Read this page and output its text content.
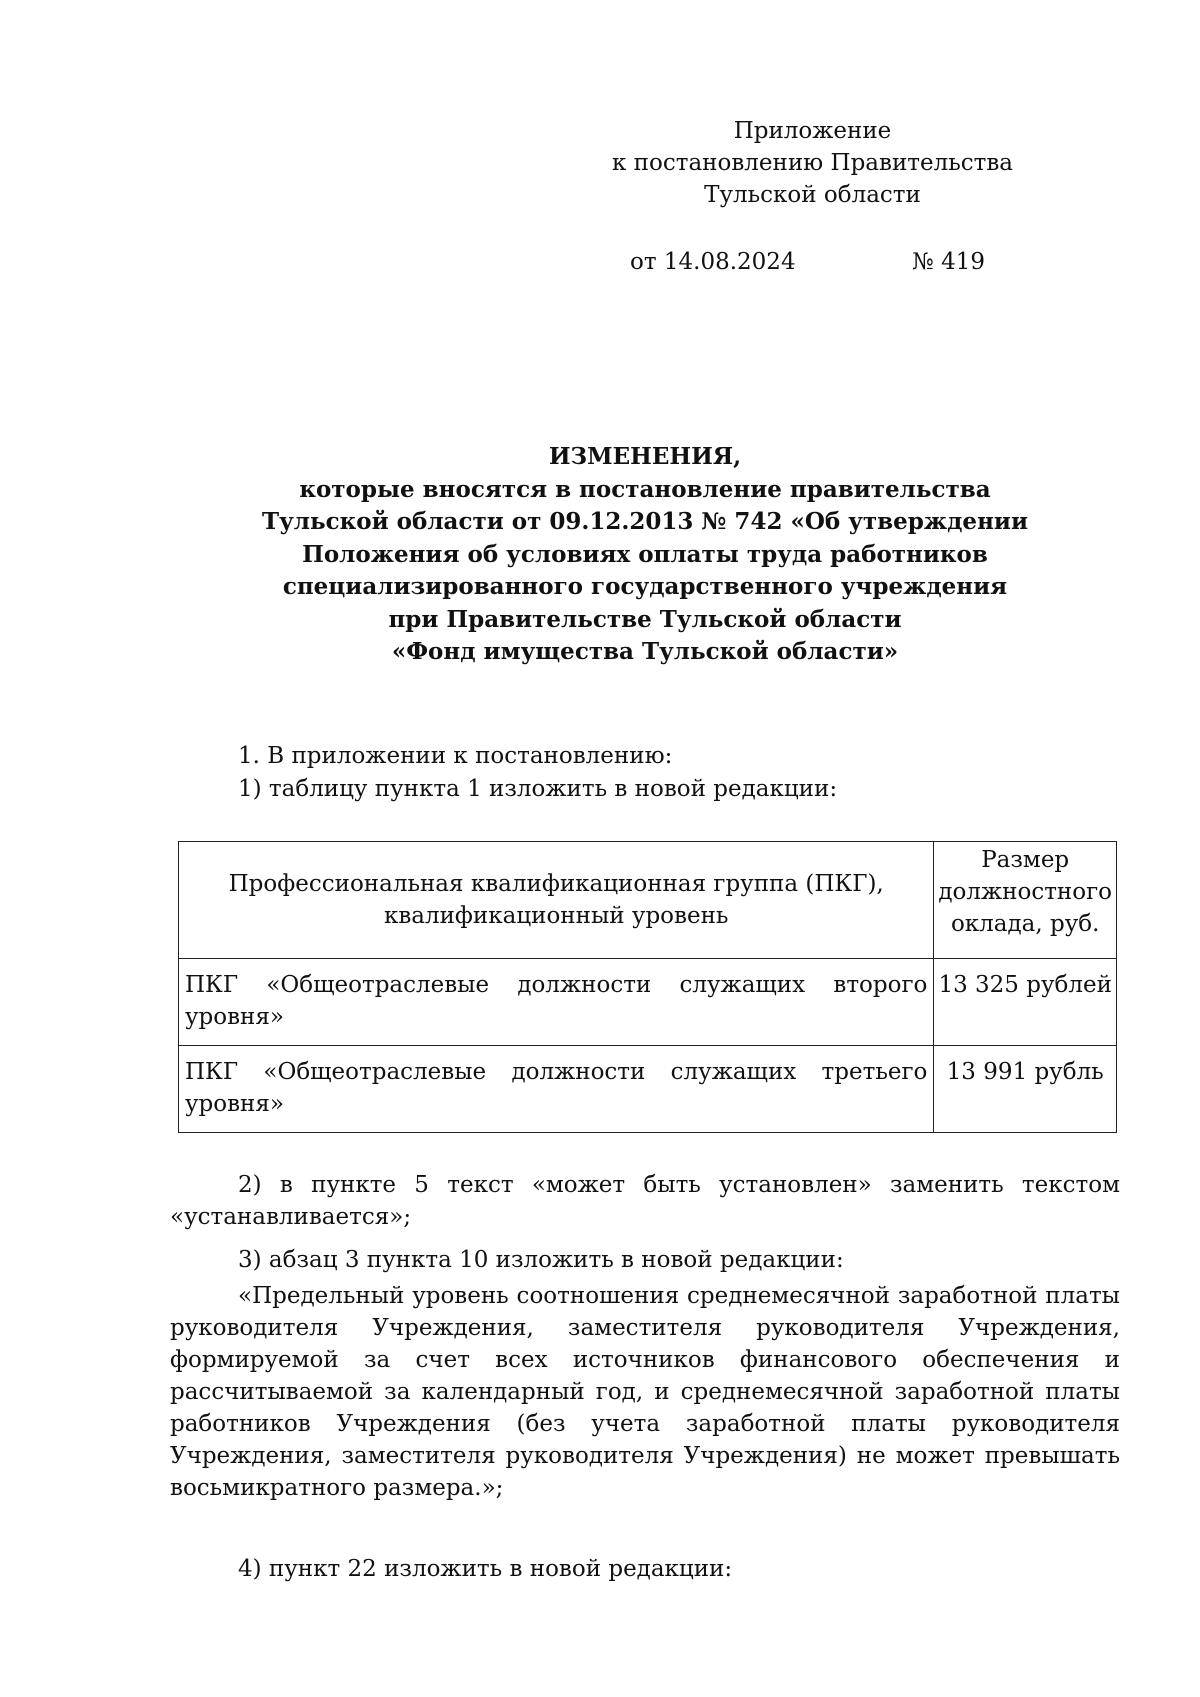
Приложение
к постановлению Правительства
Тульской области
от 14.08.2024	№ 419
ИЗМЕНЕНИЯ,
которые вносятся в постановление правительства
Тульской области от 09.12.2013 № 742 «Об утверждении
Положения об условиях оплаты труда работников
специализированного государственного учреждения
при Правительстве Тульской области
«Фонд имущества Тульской области»
1. В приложении к постановлению:
1) таблицу пункта 1 изложить в новой редакции:
Профессиональная квалификационная группа (ПКГ), квалификационный уровень	Размер должностного оклада, руб.
ПКГ «Общеотраслевые должности служащих второго уровня»	13 325 рублей
ПКГ «Общеотраслевые должности служащих третьего уровня»	13 991 рубль
2) в пункте 5 текст «может быть установлен» заменить текстом «устанавливается»;
3) абзац 3 пункта 10 изложить в новой редакции:
«Предельный уровень соотношения среднемесячной заработной платы руководителя Учреждения, заместителя руководителя Учреждения, формируемой за счет всех источников финансового обеспечения и рассчитываемой за календарный год, и среднемесячной заработной платы работников Учреждения (без учета заработной платы руководителя Учреждения, заместителя руководителя Учреждения) не может превышать восьмикратного размера.»;
4) пункт 22 изложить в новой редакции:
